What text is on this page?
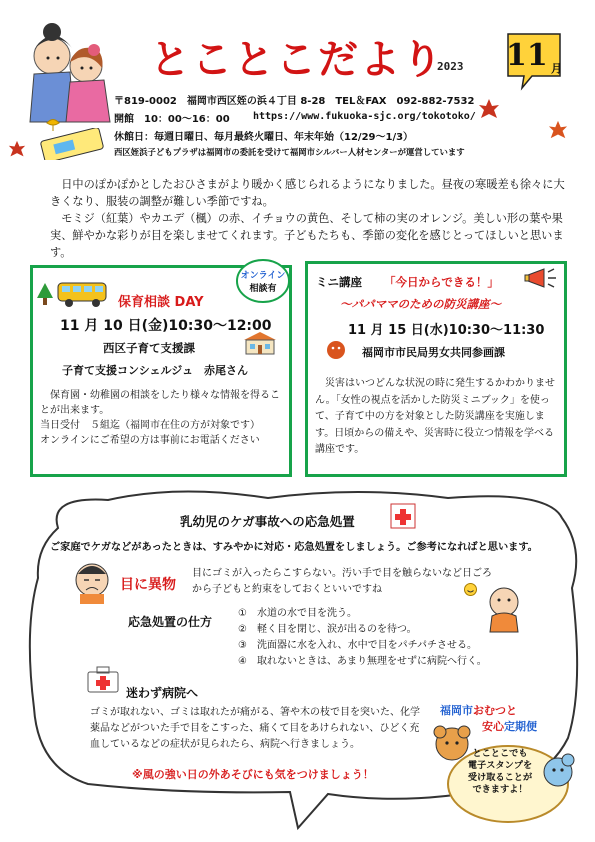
とことこだより
2023 11 月
〒819-0002　福岡市西区姪の浜４丁目 8-28　TEL＆FAX　092-882-7532
開館　10：00～16：00 https://www.fukuoka-sjc.org/tokotoko/
休館日：毎週日曜日、毎月最終火曜日、年末年始（12/29～1/3）
西区姪浜子どもプラザは福岡市の委託を受けて福岡市シルバー人材センターが運営しています

日中のぽかぽかとしたおひさまがより暖かく感じられるようになりました。昼夜の寒暖差も徐々に大きくなり、服装の調整が難しい季節ですね。

モミジ（紅葉）やカエデ（楓）の赤、イチョウの黄色、そして柿の実のオレンジ。美しい形の葉や果実、鮮やかな彩りが目を楽しませてくれます。子どもたちも、季節の変化を感じとってほしいと思います。

オンライン
相談有
保育相談 DAY
11 月 10 日(金)10:30～12:00
西区子育て支援課
子育て支援コンシェルジュ　赤尾さん
保育園・幼稚園の相談をしたり様々な情報を得ることが出来ます。
当日受付　５組迄（福岡市在住の方が対象です）
オンラインにご希望の方は事前にお電話ください
ミニ講座 「今日からできる！」
～パパママのための防災講座～
11 月 15 日(水)10:30～11:30
福岡市市民局男女共同参画課
災害はいつどんな状況の時に発生するかわかりません。「女性の視点を活かした防災ミニブック」を使って、子育て中の方を対象とした防災講座を実施します。日頃からの備えや、災害時に役立つ情報を学べる講座です。
乳幼児のケガ事故への応急処置
ご家庭でケガなどがあったときは、すみやかに対応・応急処置をしましょう。ご参考になればと思います。
目に異物
目にゴミが入ったらこすらない。汚い手で目を触らないなど日ごろから子どもと約束をしておくといいですね
応急処置の仕方
①　水道の水で目を洗う。
②　軽く目を閉じ、涙が出るのを待つ。
③　洗面器に水を入れ、水中で目をパチパチさせる。
④　取れないときは、あまり無理をせずに病院へ行く。
迷わず病院へ
ゴミが取れない、ゴミは取れたが痛がる、箸や木の枝で目を突いた、化学薬品などがついた手で目をこすった、痛くて目をあけられない、ひどく充血しているなどの症状が見られたら、病院へ行きましょう。
※風の強い日の外あそびにも気をつけましょう！
福岡市おむつと
安心定期便
とことこでも
電子スタンプを
受け取ることが
できますよ！
